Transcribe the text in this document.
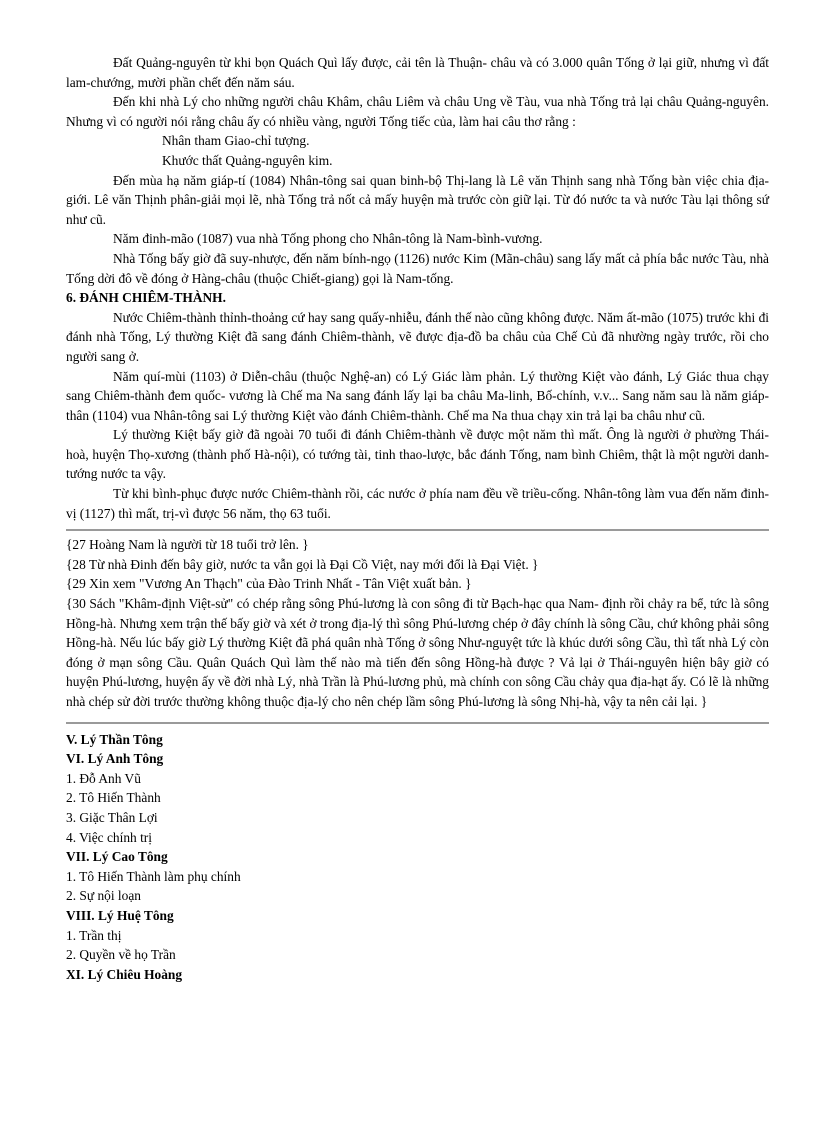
Đất Quảng-nguyên từ khi bọn Quách Quì lấy được, cải tên là Thuận- châu và có 3.000 quân Tống ở lại giữ, nhưng vì đất lam-chướng, mười phần chết đến năm sáu.

Đến khi nhà Lý cho những người châu Khâm, châu Liêm và châu Ung về Tàu, vua nhà Tống trả lại châu Quảng-nguyên. Nhưng vì có người nói rằng châu ấy có nhiều vàng, người Tống tiếc của, làm hai câu thơ rằng :

Nhân tham Giao-chỉ tượng.

Khước thất Quảng-nguyên kim.

Đến mùa hạ năm giáp-tí (1084) Nhân-tông sai quan binh-bộ Thị-lang là Lê văn Thịnh sang nhà Tống bàn việc chia địa-giới. Lê văn Thịnh phân-giải mọi lẽ, nhà Tống trả nốt cả mấy huyện mà trước còn giữ lại. Từ đó nước ta và nước Tàu lại thông sứ như cũ.

Năm đinh-mão (1087) vua nhà Tống phong cho Nhân-tông là Nam-bình-vương.

Nhà Tống bấy giờ đã suy-nhược, đến năm bính-ngọ (1126) nước Kim (Mãn-châu) sang lấy mất cả phía bắc nước Tàu, nhà Tống dời đô về đóng ở Hàng-châu (thuộc Chiết-giang) gọi là Nam-tống.

6. ĐÁNH CHIÊM-THÀNH.

Nước Chiêm-thành thỉnh-thoảng cứ hay sang quấy-nhiễu, đánh thế nào cũng không được. Năm ất-mão (1075) trước khi đi đánh nhà Tống, Lý thường Kiệt đã sang đánh Chiêm-thành, vẽ được địa-đồ ba châu của Chế Củ đã nhường ngày trước, rồi cho người sang ở.

Năm quí-mùi (1103) ở Diễn-châu (thuộc Nghệ-an) có Lý Giác làm phản. Lý thường Kiệt vào đánh, Lý Giác thua chạy sang Chiêm-thành đem quốc- vương là Chế ma Na sang đánh lấy lại ba châu Ma-linh, Bố-chính, v.v... Sang năm sau là năm giáp-thân (1104) vua Nhân-tông sai Lý thường Kiệt vào đánh Chiêm-thành. Chế ma Na thua chạy xin trả lại ba châu như cũ.

Lý thường Kiệt bấy giờ đã ngoài 70 tuổi đi đánh Chiêm-thành về được một năm thì mất. Ông là người ở phường Thái-hoà, huyện Thọ-xương (thành phố Hà-nội), có tướng tài, tinh thao-lược, bắc đánh Tống, nam bình Chiêm, thật là một người danh-tướng nước ta vậy.

Từ khi bình-phục được nước Chiêm-thành rồi, các nước ở phía nam đều về triều-cống. Nhân-tông làm vua đến năm đinh-vị (1127) thì mất, trị-vì được 56 năm, thọ 63 tuổi.

{27 Hoàng Nam là người từ 18 tuổi trở lên. }

{28 Từ nhà Đinh đến bây giờ, nước ta vẫn gọi là Đại Cồ Việt, nay mới đổi là Đại Việt. }

{29 Xin xem "Vương An Thạch" của Đào Trinh Nhất - Tân Việt xuất bản. }

{30 Sách "Khâm-định Việt-sử" có chép rằng sông Phú-lương là con sông đi từ Bạch-hạc qua Nam- định rồi chảy ra bể, tức là sông Hồng-hà. Nhưng xem trận thế bấy giờ và xét ở trong địa-lý thì sông Phú-lương chép ở đây chính là sông Cầu, chứ không phải sông Hồng-hà. Nếu lúc bấy giờ Lý thường Kiệt đã phá quân nhà Tống ở sông Như-nguyệt tức là khúc dưới sông Cầu, thì tất nhà Lý còn đóng ở mạn sông Cầu. Quân Quách Quì làm thế nào mà tiến đến sông Hồng-hà được ? Vả lại ở Thái-nguyên hiện bây giờ có huyện Phú-lương, huyện ấy về đời nhà Lý, nhà Trần là Phú-lương phủ, mà chính con sông Cầu chảy qua địa-hạt ấy. Có lẽ là những nhà chép sử đời trước thường không thuộc địa-lý cho nên chép lầm sông Phú-lương là sông Nhị-hà, vậy ta nên cải lại. }

V. Lý Thần Tông
VI. Lý Anh Tông
1. Đỗ Anh Vũ
2. Tô Hiến Thành
3. Giặc Thân Lợi
4. Việc chính trị
VII. Lý Cao Tông
1. Tô Hiến Thành làm phụ chính
2. Sự nội loạn
VIII. Lý Huệ Tông
1. Trần thị
2. Quyền về họ Trần
XI. Lý Chiêu Hoàng
